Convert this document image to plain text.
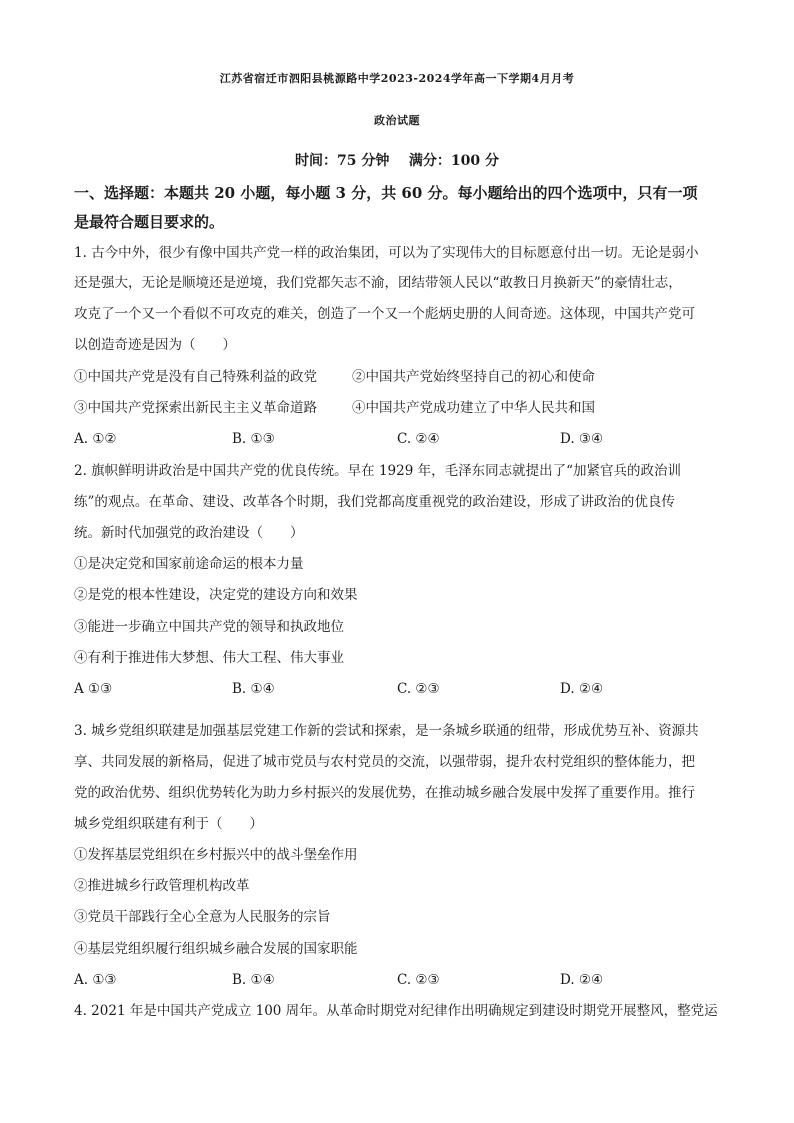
江苏省宿迁市泗阳县桃源路中学2023-2024学年高一下学期4月月考
政治试题
时间：75 分钟    满分：100 分
一、选择题：本题共 20 小题，每小题 3 分，共 60 分。每小题给出的四个选项中，只有一项
是最符合题目要求的。
1. 古今中外，很少有像中国共产党一样的政治集团，可以为了实现伟大的目标愿意付出一切。无论是弱小
还是强大，无论是顺境还是逆境，我们党都矢志不渝，团结带领人民以“敢教日月换新天”的豪情壮志，
攻克了一个又一个看似不可攻克的难关，创造了一个又一个彪炳史册的人间奇迹。这体现，中国共产党可
以创造奇迹是因为（　　）
①中国共产党是没有自己特殊利益的政党	②中国共产党始终坚持自己的初心和使命
③中国共产党探索出新民主主义革命道路	④中国共产党成功建立了中华人民共和国
A. ①②	B. ①③	C. ②④	D. ③④
2. 旗帜鲜明讲政治是中国共产党的优良传统。早在 1929 年，毛泽东同志就提出了“加紧官兵的政治训
练”的观点。在革命、建设、改革各个时期，我们党都高度重视党的政治建设，形成了讲政治的优良传
统。新时代加强党的政治建设（　　）
①是决定党和国家前途命运的根本力量
②是党的根本性建设，决定党的建设方向和效果
③能进一步确立中国共产党的领导和执政地位
④有利于推进伟大梦想、伟大工程、伟大事业
A ①③	B. ①④	C. ②③	D. ②④
3. 城乡党组织联建是加强基层党建工作新的尝试和探索，是一条城乡联通的纽带，形成优势互补、资源共
享、共同发展的新格局，促进了城市党员与农村党员的交流，以强带弱，提升农村党组织的整体能力，把
党的政治优势、组织优势转化为助力乡村振兴的发展优势，在推动城乡融合发展中发挥了重要作用。推行
城乡党组织联建有利于（　　）
①发挥基层党组织在乡村振兴中的战斗堡垒作用
②推进城乡行政管理机构改革
③党员干部践行全心全意为人民服务的宗旨
④基层党组织履行组织城乡融合发展的国家职能
A. ①③	B. ①④	C. ②③	D. ②④
4. 2021 年是中国共产党成立 100 周年。从革命时期党对纪律作出明确规定到建设时期党开展整风，整党运
